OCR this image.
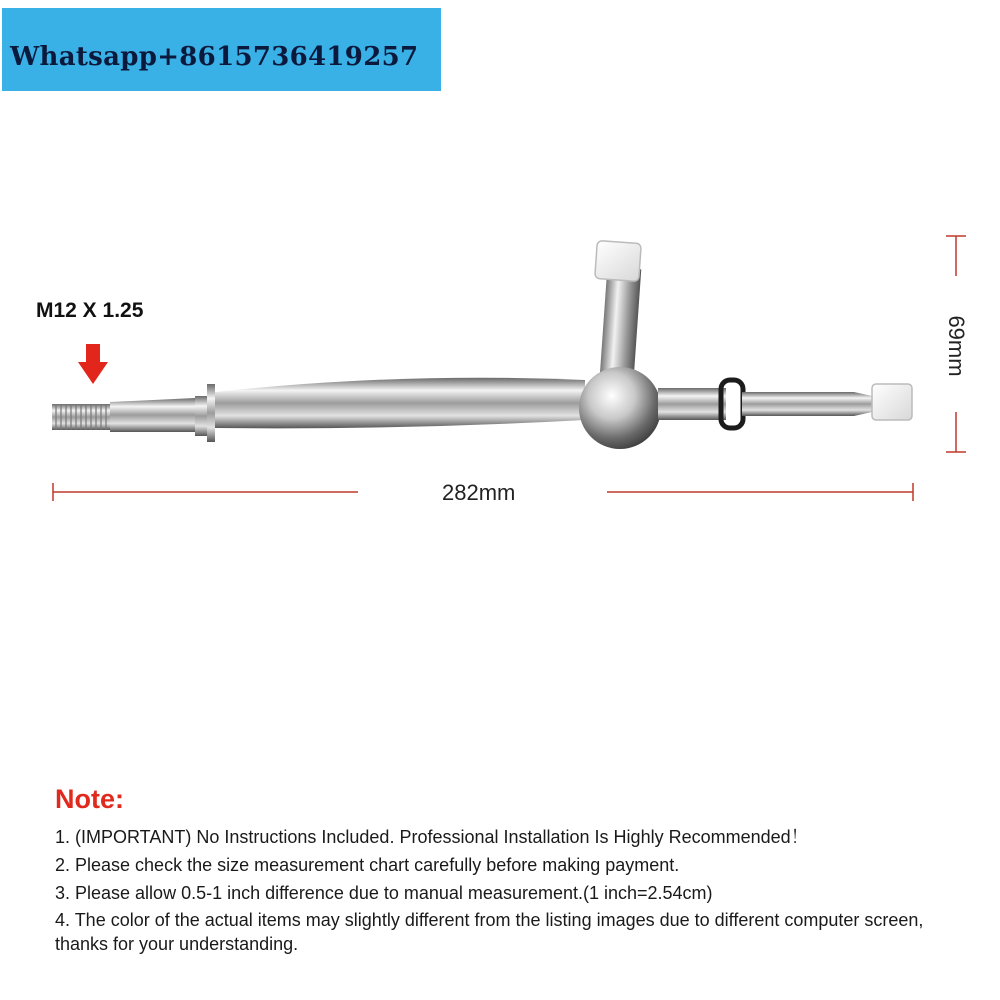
Whatsapp+8615736419257
M12 X 1.25
282mm
69mm
Note:
1. (IMPORTANT) No Instructions Included. Professional Installation Is Highly Recommended！
2. Please check the size measurement chart carefully before making payment.
3. Please allow 0.5-1 inch difference due to manual measurement.(1 inch=2.54cm)
4. The color of the actual items may slightly different from the listing images due to different computer screen, thanks for your understanding.
